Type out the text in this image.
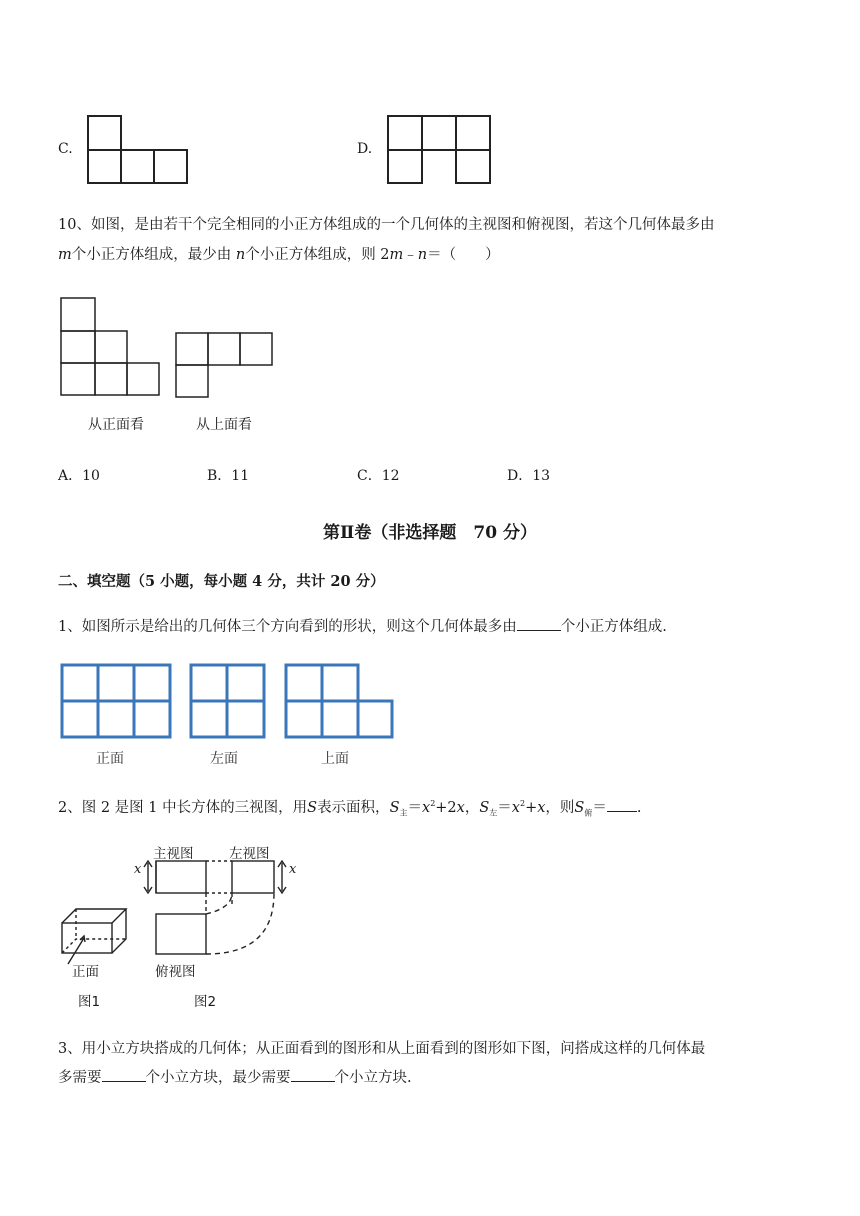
C.	D.
10、如图，是由若干个完全相同的小正方体组成的一个几何体的主视图和俯视图，若这个几何体最多由
m个小正方体组成，最少由 n个小正方体组成，则 2m﹣n＝（　　）
从正面看	从上面看
A．10	B．11	C．12	D．13
第Ⅱ卷（非选择题　70 分）
二、填空题（5 小题，每小题 4 分，共计 20 分）
1、如图所示是给出的几何体三个方向看到的形状，则这个几何体最多由	个小正方体组成.
正面	左面	上面
2、图 2 是图 1 中长方体的三视图，用S表示面积，$S_主=x^2+2x$，$S_左=x^2+x$，则$S_俯=$ .
主视图	左视图
x	x
俯视图
正面
图1	图2
3、用小立方块搭成的几何体；从正面看到的图形和从上面看到的图形如下图，问搭成这样的几何体最
多需要	个小立方块，最少需要	个小立方块.
